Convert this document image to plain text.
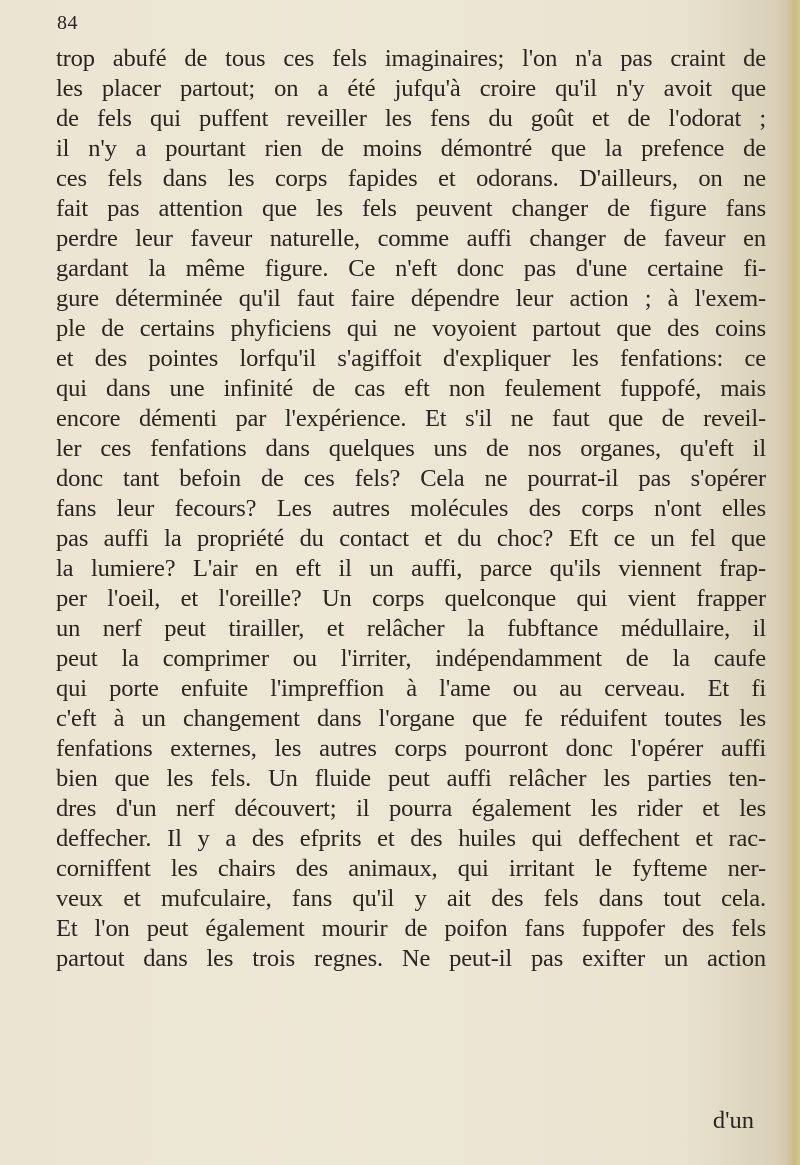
84
trop abufé de tous ces fels imaginaires; l'on n'a pas craint de
les placer partout; on a été jufqu'à croire qu'il n'y avoit que
de fels qui puffent reveiller les fens du goût et de l'odorat ;
il n'y a pourtant rien de moins démontré que la prefence de
ces fels dans les corps fapides et odorans. D'ailleurs, on ne
fait pas attention que les fels peuvent changer de figure fans
perdre leur faveur naturelle, comme auffi changer de faveur en
gardant la même figure. Ce n'eft donc pas d'une certaine fi-
gure déterminée qu'il faut faire dépendre leur action ; à l'exem-
ple de certains phyficiens qui ne voyoient partout que des coins
et des pointes lorfqu'il s'agiffoit d'expliquer les fenfations: ce
qui dans une infinité de cas eft non feulement fuppofé, mais
encore démenti par l'expérience. Et s'il ne faut que de reveil-
ler ces fenfations dans quelques uns de nos organes, qu'eft il
donc tant befoin de ces fels? Cela ne pourrat-il pas s'opérer
fans leur fecours? Les autres molécules des corps n'ont elles
pas auffi la propriété du contact et du choc? Eft ce un fel que
la lumiere? L'air en eft il un auffi, parce qu'ils viennent frap-
per l'oeil, et l'oreille? Un corps quelconque qui vient frapper
un nerf peut tirailler, et relâcher la fubftance médullaire, il
peut la comprimer ou l'irriter, indépendamment de la caufe
qui porte enfuite l'impreffion à l'ame ou au cerveau. Et fi
c'eft à un changement dans l'organe que fe réduifent toutes les
fenfations externes, les autres corps pourront donc l'opérer auffi
bien que les fels. Un fluide peut auffi relâcher les parties ten-
dres d'un nerf découvert; il pourra également les rider et les
deffecher. Il y a des efprits et des huiles qui deffechent et rac-
corniffent les chairs des animaux, qui irritant le fyfteme ner-
veux et mufculaire, fans qu'il y ait des fels dans tout cela.
Et l'on peut également mourir de poifon fans fuppofer des fels
partout dans les trois regnes. Ne peut-il pas exifter un action
d'un
